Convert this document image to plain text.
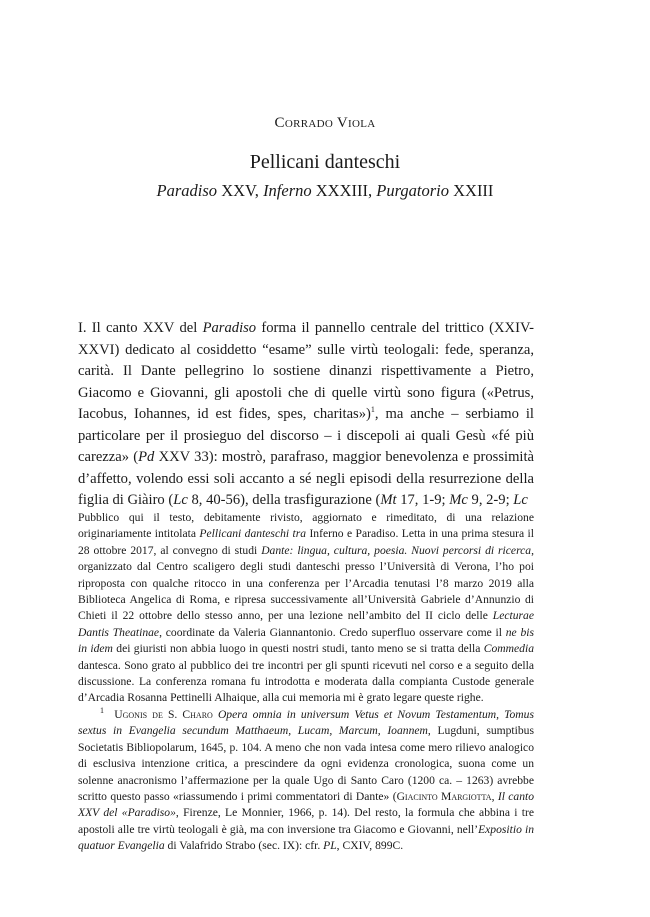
Corrado Viola
Pellicani danteschi
Paradiso XXV, Inferno XXXIII, Purgatorio XXIII
I. Il canto XXV del Paradiso forma il pannello centrale del trittico (XXIV-XXVI) dedicato al cosiddetto “esame” sulle virtù teologali: fede, speranza, carità. Il Dante pellegrino lo sostiene dinanzi rispettivamente a Pietro, Giacomo e Giovanni, gli apostoli che di quelle virtù sono figura («Petrus, Iacobus, Iohannes, id est fides, spes, charitas»)$^1$, ma anche – serbiamo il particolare per il prosieguo del discorso – i discepoli ai quali Gesù «fé più carezza» (Pd XXV 33): mostrò, parafraso, maggior benevolenza e prossimità d’affetto, volendo essi soli accanto a sé negli episodi della resurrezione della figlia di Giàiro (Lc 8, 40-56), della trasfigurazione (Mt 17, 1-9; Mc 9, 2-9; Lc

Pubblico qui il testo, debitamente rivisto, aggiornato e rimeditato, di una relazione originariamente intitolata Pellicani danteschi tra Inferno e Paradiso. Letta in una prima stesura il 28 ottobre 2017, al convegno di studi Dante: lingua, cultura, poesia. Nuovi percorsi di ricerca, organizzato dal Centro scaligero degli studi danteschi presso l’Università di Verona, l’ho poi riproposta con qualche ritocco in una conferenza per l’Arcadia tenutasi l’8 marzo 2019 alla Biblioteca Angelica di Roma, e ripresa successivamente all’Università Gabriele d’Annunzio di Chieti il 22 ottobre dello stesso anno, per una lezione nell’ambito del II ciclo delle Lecturae Dantis Theatinae, coordinate da Valeria Giannantonio. Credo superfluo osservare come il ne bis in idem dei giuristi non abbia luogo in questi nostri studi, tanto meno se si tratta della Commedia dantesca. Sono grato al pubblico dei tre incontri per gli spunti ricevuti nel corso e a seguito della discussione. La conferenza romana fu introdotta e moderata dalla compianta Custode generale d’Arcadia Rosanna Pettinelli Alhaique, alla cui memoria mi è grato legare queste righe.

$^1$ Ugonis de S. Charo Opera omnia in universum Vetus et Novum Testamentum, Tomus sextus in Evangelia secundum Matthaeum, Lucam, Marcum, Ioannem, Lugduni, sumptibus Societatis Bibliopolarum, 1645, p. 104. A meno che non vada intesa come mero rilievo analogico di esclusiva intenzione critica, a prescindere da ogni evidenza cronologica, suona come un solenne anacronismo l’affermazione per la quale Ugo di Santo Caro (1200 ca. – 1263) avrebbe scritto questo passo «riassumendo i primi commentatori di Dante» (Giacinto Margiotta, Il canto XXV del «Paradiso», Firenze, Le Monnier, 1966, p. 14). Del resto, la formula che abbina i tre apostoli alle tre virtù teologali è già, ma con inversione tra Giacomo e Giovanni, nell’Expositio in quatuor Evangelia di Valafrido Strabo (sec. IX): cfr. PL, CXIV, 899C.
